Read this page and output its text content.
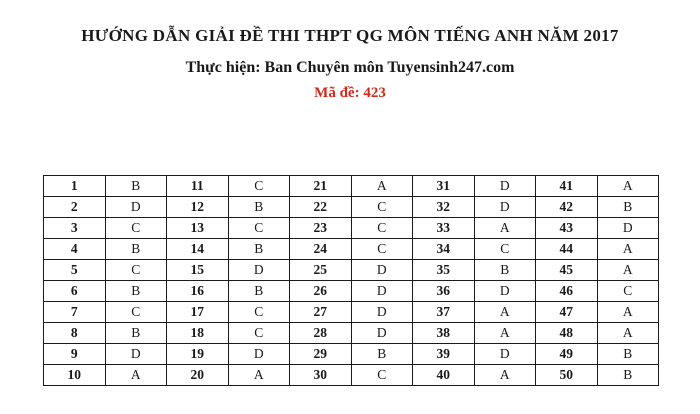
HƯỚNG DẪN GIẢI ĐỀ THI THPT QG MÔN TIẾNG ANH NĂM 2017
Thực hiện: Ban Chuyên môn Tuyensinh247.com
Mã đề: 423
1	B	11	C	21	A	31	D	41	A
2	D	12	B	22	C	32	D	42	B
3	C	13	C	23	C	33	A	43	D
4	B	14	B	24	C	34	C	44	A
5	C	15	D	25	D	35	B	45	A
6	B	16	B	26	D	36	D	46	C
7	C	17	C	27	D	37	A	47	A
8	B	18	C	28	D	38	A	48	A
9	D	19	D	29	B	39	D	49	B
10	A	20	A	30	C	40	A	50	B
